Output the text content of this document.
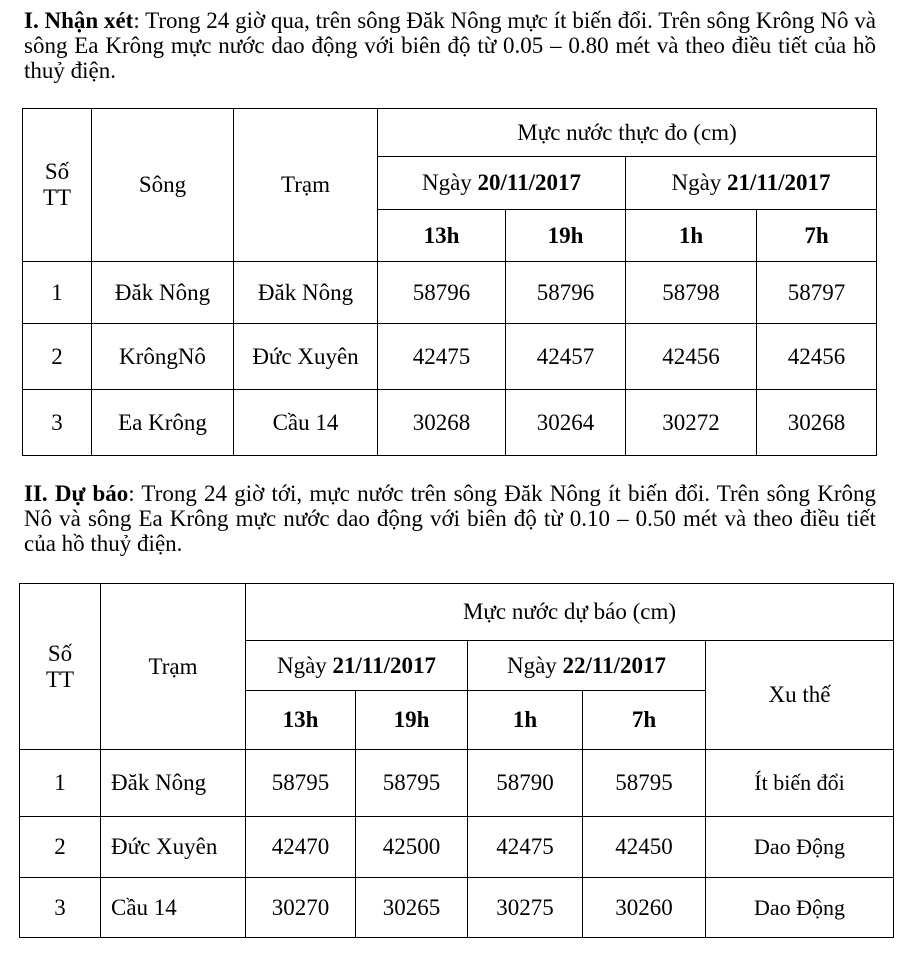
I. Nhận xét: Trong 24 giờ qua, trên sông Đăk Nông mực ít biến đổi. Trên sông Krông Nô và sông Ea Krông mực nước dao động với biên độ từ 0.05 – 0.80 mét và theo điều tiết của hồ thuỷ điện.

Số
TT	Sông	Trạm	Mực nước thực đo (cm)			
			Ngày 20/11/2017		Ngày 21/11/2017	
			13h	19h	1h	7h
1	Đăk Nông	Đăk Nông	58796	58796	58798	58797
2	KrôngNô	Đức Xuyên	42475	42457	42456	42456
3	Ea Krông	Cầu 14	30268	30264	30272	30268

II. Dự báo: Trong 24 giờ tới, mực nước trên sông Đăk Nông ít biến đổi. Trên sông Krông Nô và sông Ea Krông mực nước dao động với biên độ từ 0.10 – 0.50 mét và theo điều tiết của hồ thuỷ điện.

Số
TT	Trạm	Mực nước dự báo (cm)				
		Ngày 21/11/2017		Ngày 22/11/2017		Xu thế
		13h	19h	1h	7h	
1	Đăk Nông	58795	58795	58790	58795	Ít biến đổi
2	Đức Xuyên	42470	42500	42475	42450	Dao Động
3	Cầu 14	30270	30265	30275	30260	Dao Động
